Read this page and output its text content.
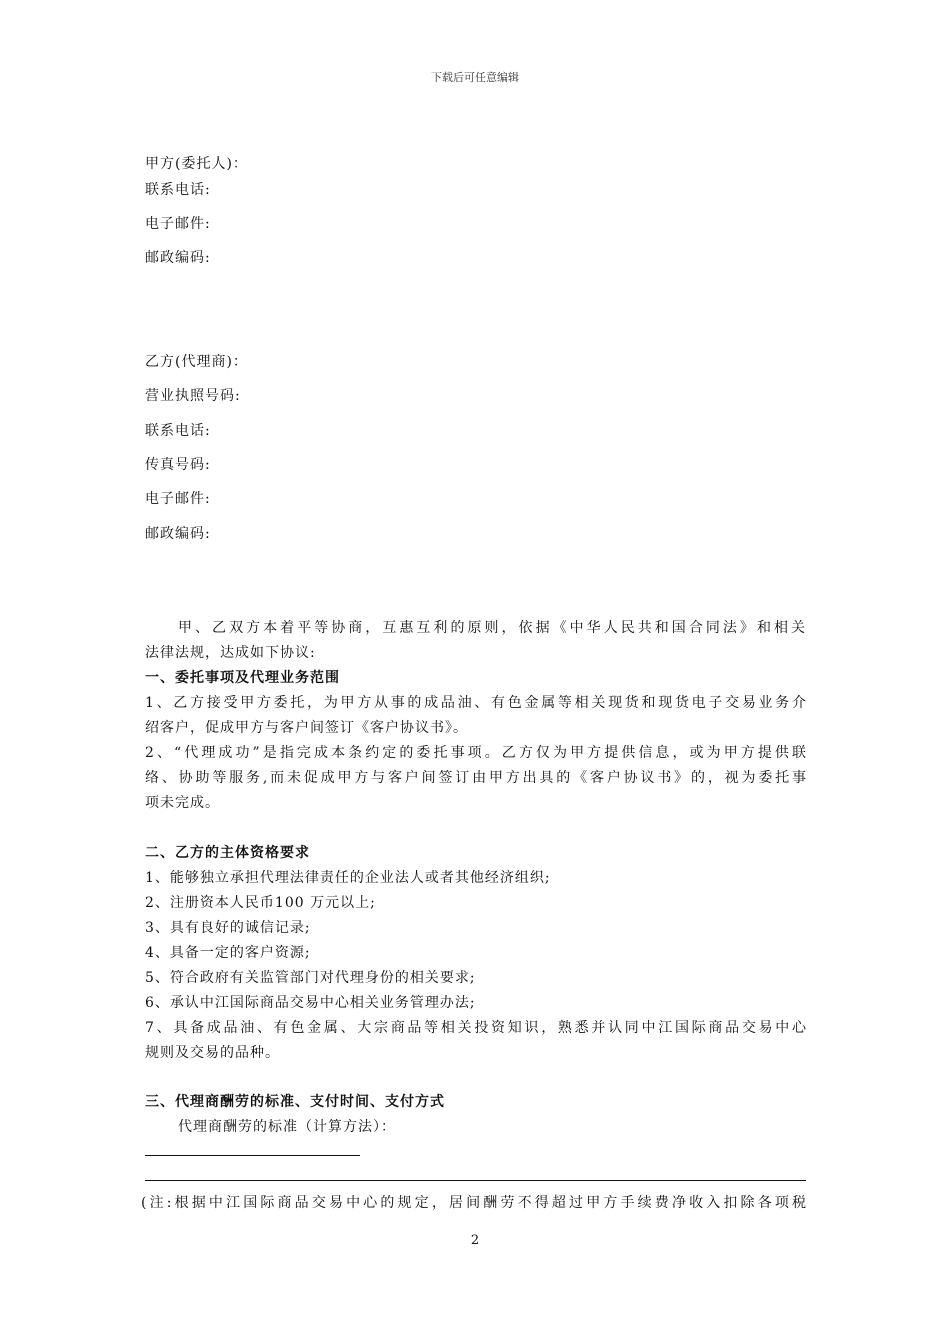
下载后可任意编辑
甲方(委托人)：
联系电话:
电子邮件:
邮政编码:
乙方(代理商)：
营业执照号码:
联系电话:
传真号码:
电子邮件:
邮政编码:
甲、乙双方本着平等协商，互惠互利的原则，依据《中华人民共和国合同法》和相关
法律法规，达成如下协议:
一、委托事项及代理业务范围
1、乙方接受甲方委托，为甲方从事的成品油、有色金属等相关现货和现货电子交易业务介
绍客户，促成甲方与客户间签订《客户协议书》。
2、“代理成功”是指完成本条约定的委托事项。乙方仅为甲方提供信息，或为甲方提供联
络、协助等服务,而未促成甲方与客户间签订由甲方出具的《客户协议书》的，视为委托事
项未完成。
二、乙方的主体资格要求
1、能够独立承担代理法律责任的企业法人或者其他经济组织;
2、注册资本人民币100 万元以上;
3、具有良好的诚信记录;
4、具备一定的客户资源;
5、符合政府有关监管部门对代理身份的相关要求;
6、承认中江国际商品交易中心相关业务管理办法;
7、具备成品油、有色金属、大宗商品等相关投资知识，熟悉并认同中江国际商品交易中心
规则及交易的品种。
三、代理商酬劳的标准、支付时间、支付方式
代理商酬劳的标准（计算方法）：
(注:根据中江国际商品交易中心的规定，居间酬劳不得超过甲方手续费净收入扣除各项税
2
